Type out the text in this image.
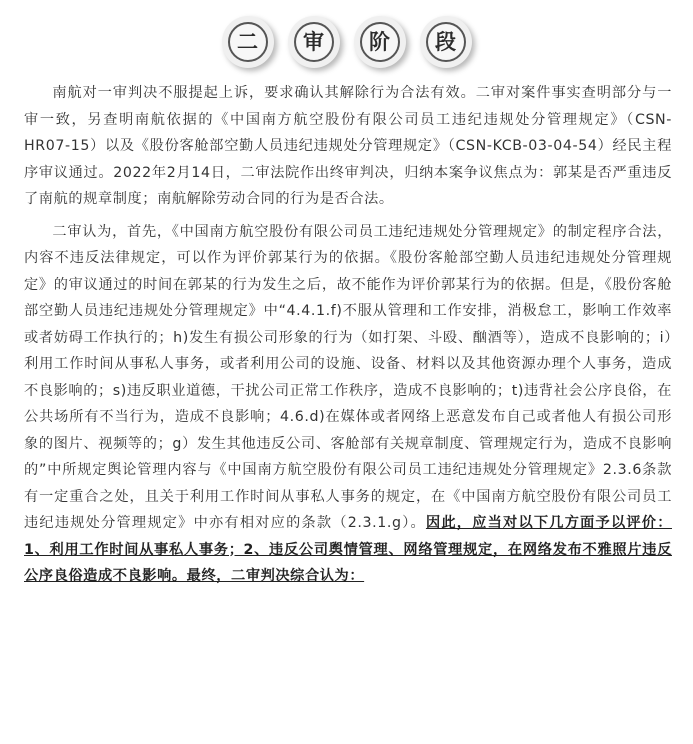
二	审	阶	段

南航对一审判决不服提起上诉，要求确认其解除行为合法有效。二审对案件事实查明部分与一审一致，另查明南航依据的《中国南方航空股份有限公司员工违纪违规处分管理规定》（CSN-HR07-15）以及《股份客舱部空勤人员违纪违规处分管理规定》（CSN-KCB-03-04-54）经民主程序审议通过。2022年2月14日，二审法院作出终审判决，归纳本案争议焦点为：郭某是否严重违反了南航的规章制度；南航解除劳动合同的行为是否合法。

二审认为，首先，《中国南方航空股份有限公司员工违纪违规处分管理规定》的制定程序合法，内容不违反法律规定，可以作为评价郭某行为的依据。《股份客舱部空勤人员违纪违规处分管理规定》的审议通过的时间在郭某的行为发生之后，故不能作为评价郭某行为的依据。但是，《股份客舱部空勤人员违纪违规处分管理规定》中“4.4.1.f)不服从管理和工作安排，消极怠工，影响工作效率或者妨碍工作执行的；h)发生有损公司形象的行为（如打架、斗殴、酗酒等），造成不良影响的；i）利用工作时间从事私人事务，或者利用公司的设施、设备、材料以及其他资源办理个人事务，造成不良影响的；s)违反职业道德，干扰公司正常工作秩序，造成不良影响的；t)违背社会公序良俗，在公共场所有不当行为，造成不良影响；4.6.d)在媒体或者网络上恶意发布自己或者他人有损公司形象的图片、视频等的；g）发生其他违反公司、客舱部有关规章制度、管理规定行为，造成不良影响的”中所规定舆论管理内容与《中国南方航空股份有限公司员工违纪违规处分管理规定》2.3.6条款有一定重合之处，且关于利用工作时间从事私人事务的规定，在《中国南方航空股份有限公司员工违纪违规处分管理规定》中亦有相对应的条款（2.3.1.g）。因此，应当对以下几方面予以评价：1、利用工作时间从事私人事务；2、违反公司舆情管理、网络管理规定，在网络发布不雅照片违反公序良俗造成不良影响。最终，二审判决综合认为：
